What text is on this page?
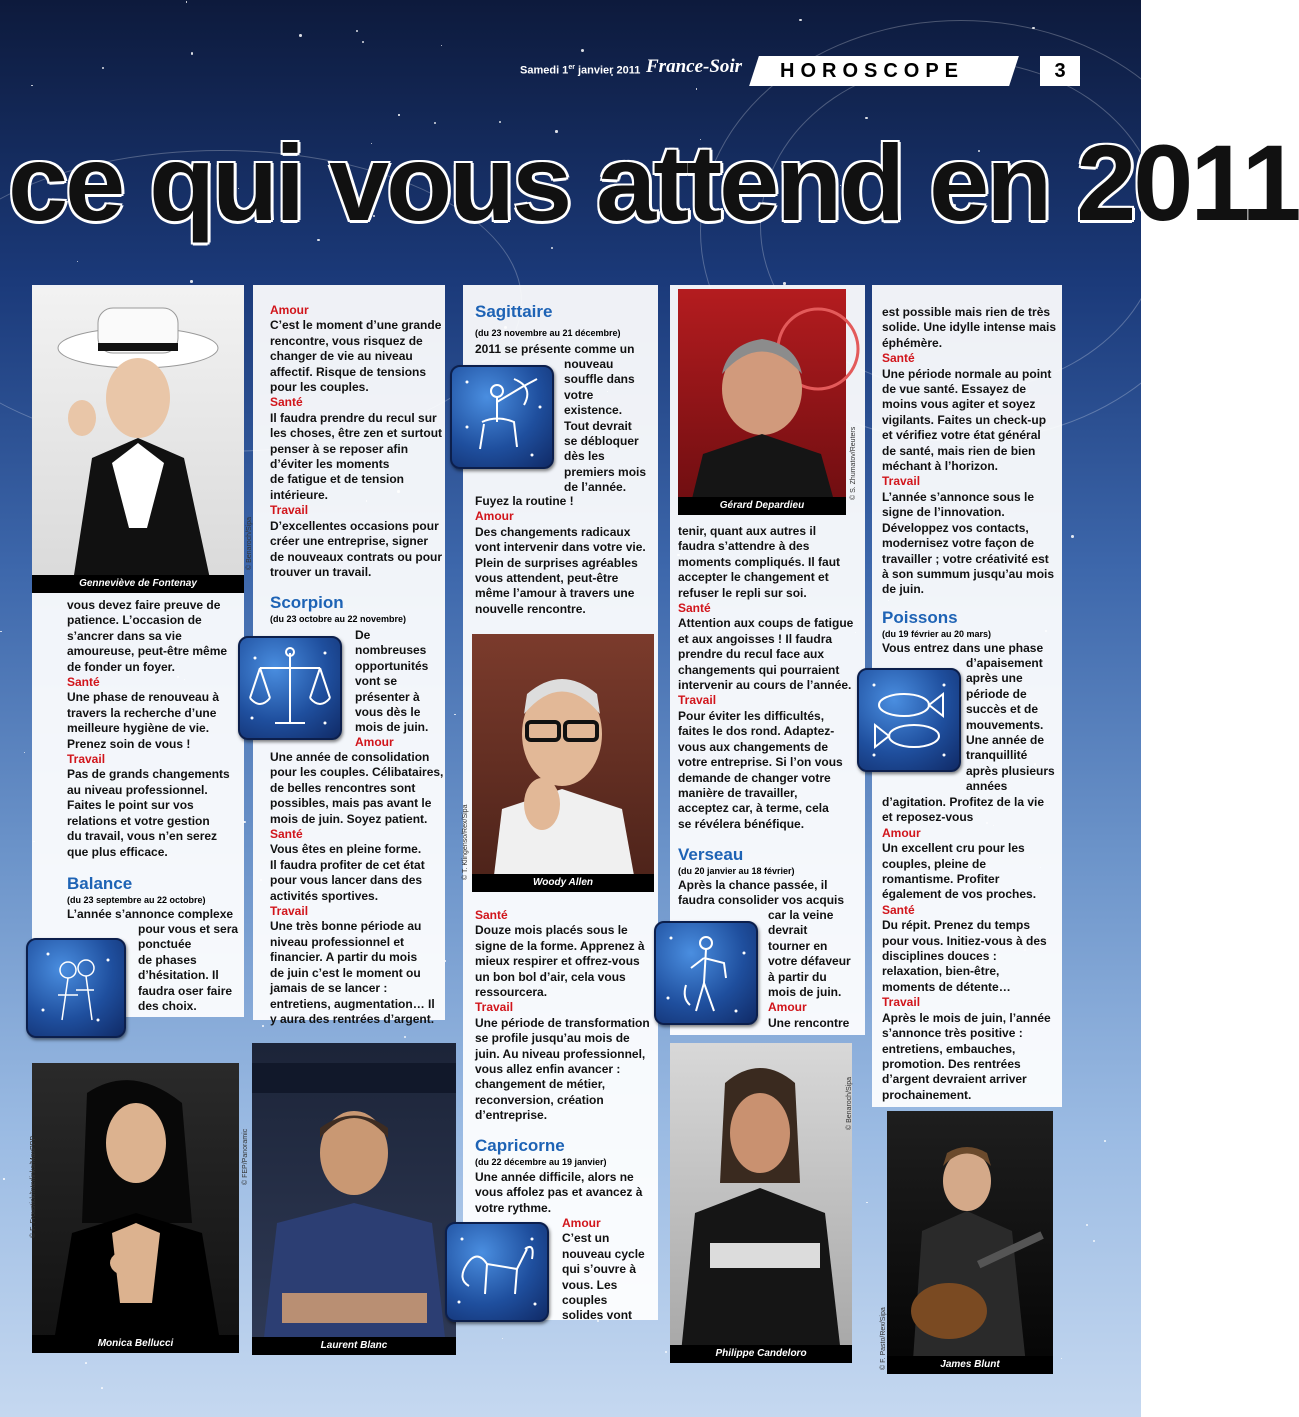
Samedi 1er janvier 2011 France-Soir HOROSCOPE	3
ce qui vous attend en 2011
Genneviève de Fontenay
© Benaroch/Sipa
vous devez faire preuve de
patience. L’occasion de
s’ancrer dans sa vie
amoureuse, peut-être même
de fonder un foyer.
Santé
Une phase de renouveau à
travers la recherche d’une
meilleure hygiène de vie.
Prenez soin de vous !
Travail
Pas de grands changements
au niveau professionnel.
Faites le point sur vos
relations et votre gestion
du travail, vous n’en serez
que plus efficace.
Balance
(du 23 septembre au 22 octobre)
L’année s’annonce complexe
pour vous et sera
ponctuée
de phases
d’hésitation. Il
faudra oser faire
des choix.
Monica Bellucci
© F. Froustick/Interlinks/MaxPPP
Amour
C’est le moment d’une grande
rencontre, vous risquez de
changer de vie au niveau
affectif. Risque de tensions
pour les couples.
Santé
Il faudra prendre du recul sur
les choses, être zen et surtout
penser à se reposer afin
d’éviter les moments
de fatigue et de tension
intérieure.
Travail
D’excellentes occasions pour
créer une entreprise, signer
de nouveaux contrats ou pour
trouver un travail.
Scorpion
(du 23 octobre au 22 novembre)
De
nombreuses
opportunités
vont se
présenter à
vous dès le
mois de juin.
Amour
Une année de consolidation
pour les couples. Célibataires,
de belles rencontres sont
possibles, mais pas avant le
mois de juin. Soyez patient.
Santé
Vous êtes en pleine forme.
Il faudra profiter de cet état
pour vous lancer dans des
activités sportives.
Travail
Une très bonne période au
niveau professionnel et
financier. A partir du mois
de juin c’est le moment ou
jamais de se lancer :
entretiens, augmentation… Il
y aura des rentrées d’argent.
Laurent Blanc
© FEP/Panoramic
Sagittaire
(du 23 novembre au 21 décembre)
2011 se présente comme un
nouveau
souffle dans
votre
existence.
Tout devrait
se débloquer
dès les
premiers mois
de l’année.
Fuyez la routine !
Amour
Des changements radicaux
vont intervenir dans votre vie.
Plein de surprises agréables
vous attendent, peut-être
même l’amour à travers une
nouvelle rencontre.
Woody Allen
© T. Klingenso/Rex/Sipa
Santé
Douze mois placés sous le
signe de la forme. Apprenez à
mieux respirer et offrez-vous
un bon bol d’air, cela vous
ressourcera.
Travail
Une période de transformation
se profile jusqu’au mois de
juin. Au niveau professionnel,
vous allez enfin avancer :
changement de métier,
reconversion, création
d’entreprise.
Capricorne
(du 22 décembre au 19 janvier)
Une année difficile, alors ne
vous affolez pas et avancez à
votre rythme.
Amour
C’est un
nouveau cycle
qui s’ouvre à
vous. Les
couples
solides vont
Gérard Depardieu
© S. Zhumatov/Reuters
tenir, quant aux autres il
faudra s’attendre à des
moments compliqués. Il faut
accepter le changement et
refuser le repli sur soi.
Santé
Attention aux coups de fatigue
et aux angoisses ! Il faudra
prendre du recul face aux
changements qui pourraient
intervenir au cours de l’année.
Travail
Pour éviter les difficultés,
faites le dos rond. Adaptez-
vous aux changements de
votre entreprise. Si l’on vous
demande de changer votre
manière de travailler,
acceptez car, à terme, cela
se révélera bénéfique.
Verseau
(du 20 janvier au 18 février)
Après la chance passée, il
faudra consolider vos acquis
car la veine
devrait
tourner en
votre défaveur
à partir du
mois de juin.
Amour
Une rencontre
Philippe Candeloro
© Benaroch/Sipa
est possible mais rien de très
solide. Une idylle intense mais
éphémère.
Santé
Une période normale au point
de vue santé. Essayez de
moins vous agiter et soyez
vigilants. Faites un check-up
et vérifiez votre état général
de santé, mais rien de bien
méchant à l’horizon.
Travail
L’année s’annonce sous le
signe de l’innovation.
Développez vos contacts,
modernisez votre façon de
travailler ; votre créativité est
à son summum jusqu’au mois
de juin.
Poissons
(du 19 février au 20 mars)
Vous entrez dans une phase
d’apaisement
après une
période de
succès et de
mouvements.
Une année de
tranquillité
après plusieurs
années
d’agitation. Profitez de la vie
et reposez-vous
Amour
Un excellent cru pour les
couples, pleine de
romantisme. Profiter
également de vos proches.
Santé
Du répit. Prenez du temps
pour vous. Initiez-vous à des
disciplines douces :
relaxation, bien-être,
moments de détente…
Travail
Après le mois de juin, l’année
s’annonce très positive :
entretiens, embauches,
promotion. Des rentrées
d’argent devraient arriver
prochainement.
James Blunt
© F. Pasto/Rex/Sipa
